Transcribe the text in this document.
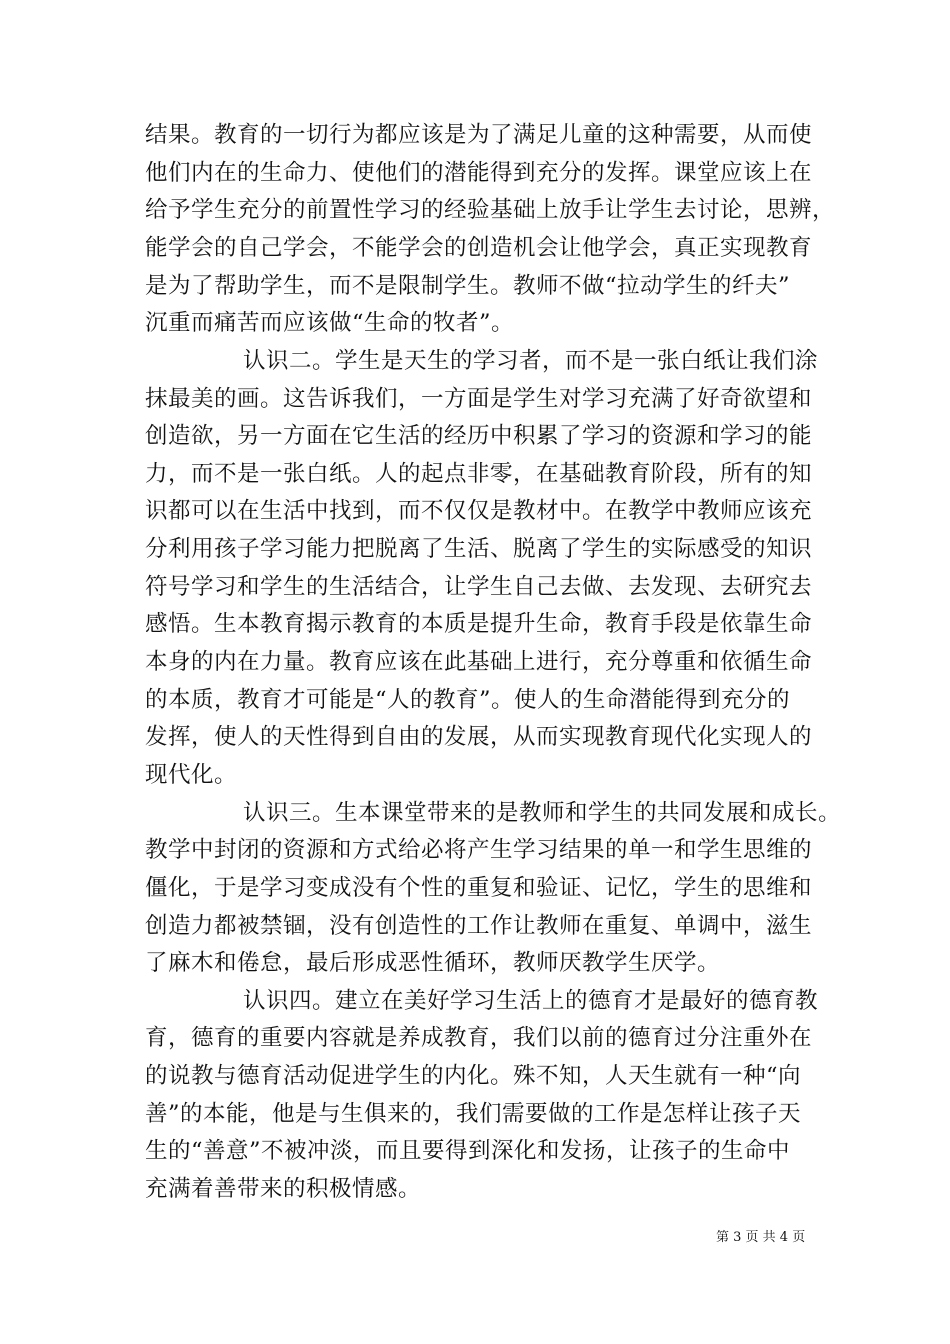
结果。教育的一切行为都应该是为了满足儿童的这种需要，从而使
他们内在的生命力、使他们的潜能得到充分的发挥。课堂应该上在
给予学生充分的前置性学习的经验基础上放手让学生去讨论，思辨，
能学会的自己学会，不能学会的创造机会让他学会，真正实现教育
是为了帮助学生，而不是限制学生。教师不做“拉动学生的纤夫”
沉重而痛苦而应该做“生命的牧者”。
认识二。学生是天生的学习者，而不是一张白纸让我们涂
抹最美的画。这告诉我们，一方面是学生对学习充满了好奇欲望和
创造欲，另一方面在它生活的经历中积累了学习的资源和学习的能
力，而不是一张白纸。人的起点非零，在基础教育阶段，所有的知
识都可以在生活中找到，而不仅仅是教材中。在教学中教师应该充
分利用孩子学习能力把脱离了生活、脱离了学生的实际感受的知识
符号学习和学生的生活结合，让学生自己去做、去发现、去研究去
感悟。生本教育揭示教育的本质是提升生命，教育手段是依靠生命
本身的内在力量。教育应该在此基础上进行，充分尊重和依循生命
的本质，教育才可能是“人的教育”。使人的生命潜能得到充分的
发挥，使人的天性得到自由的发展，从而实现教育现代化实现人的
现代化。
认识三。生本课堂带来的是教师和学生的共同发展和成长。
教学中封闭的资源和方式给必将产生学习结果的单一和学生思维的
僵化，于是学习变成没有个性的重复和验证、记忆，学生的思维和
创造力都被禁锢，没有创造性的工作让教师在重复、单调中，滋生
了麻木和倦怠，最后形成恶性循环，教师厌教学生厌学。
认识四。建立在美好学习生活上的德育才是最好的德育教
育，德育的重要内容就是养成教育，我们以前的德育过分注重外在
的说教与德育活动促进学生的内化。殊不知，人天生就有一种“向
善”的本能，他是与生俱来的，我们需要做的工作是怎样让孩子天
生的“善意”不被冲淡，而且要得到深化和发扬，让孩子的生命中
第 3 页 共 4 页
充满着善带来的积极情感。
